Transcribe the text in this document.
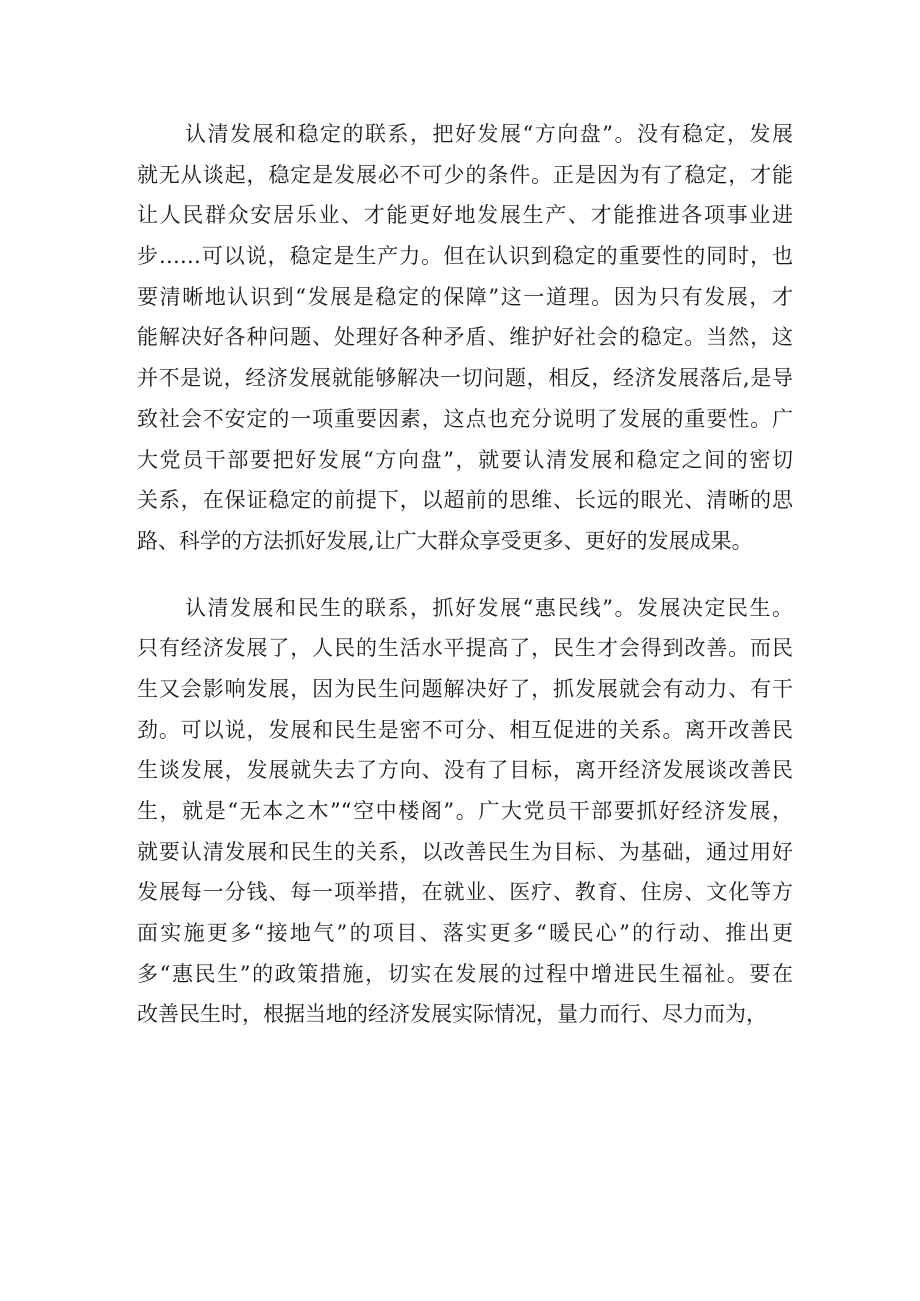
认清发展和稳定的联系，把好发展“方向盘”。没有稳定，发展
就无从谈起，稳定是发展必不可少的条件。正是因为有了稳定，才能
让人民群众安居乐业、才能更好地发展生产、才能推进各项事业进
步……可以说，稳定是生产力。但在认识到稳定的重要性的同时，也
要清晰地认识到“发展是稳定的保障”这一道理。因为只有发展，才
能解决好各种问题、处理好各种矛盾、维护好社会的稳定。当然，这
并不是说，经济发展就能够解决一切问题，相反，经济发展落后,是导
致社会不安定的一项重要因素，这点也充分说明了发展的重要性。广
大党员干部要把好发展“方向盘”，就要认清发展和稳定之间的密切
关系，在保证稳定的前提下，以超前的思维、长远的眼光、清晰的思
路、科学的方法抓好发展,让广大群众享受更多、更好的发展成果。

认清发展和民生的联系，抓好发展“惠民线”。发展决定民生。
只有经济发展了，人民的生活水平提高了，民生才会得到改善。而民
生又会影响发展，因为民生问题解决好了，抓发展就会有动力、有干
劲。可以说，发展和民生是密不可分、相互促进的关系。离开改善民
生谈发展，发展就失去了方向、没有了目标，离开经济发展谈改善民
生，就是“无本之木”“空中楼阁”。广大党员干部要抓好经济发展，
就要认清发展和民生的关系，以改善民生为目标、为基础，通过用好
发展每一分钱、每一项举措，在就业、医疗、教育、住房、文化等方
面实施更多“接地气”的项目、落实更多“暖民心”的行动、推出更
多“惠民生”的政策措施，切实在发展的过程中增进民生福祉。要在
改善民生时，根据当地的经济发展实际情况，量力而行、尽力而为，
